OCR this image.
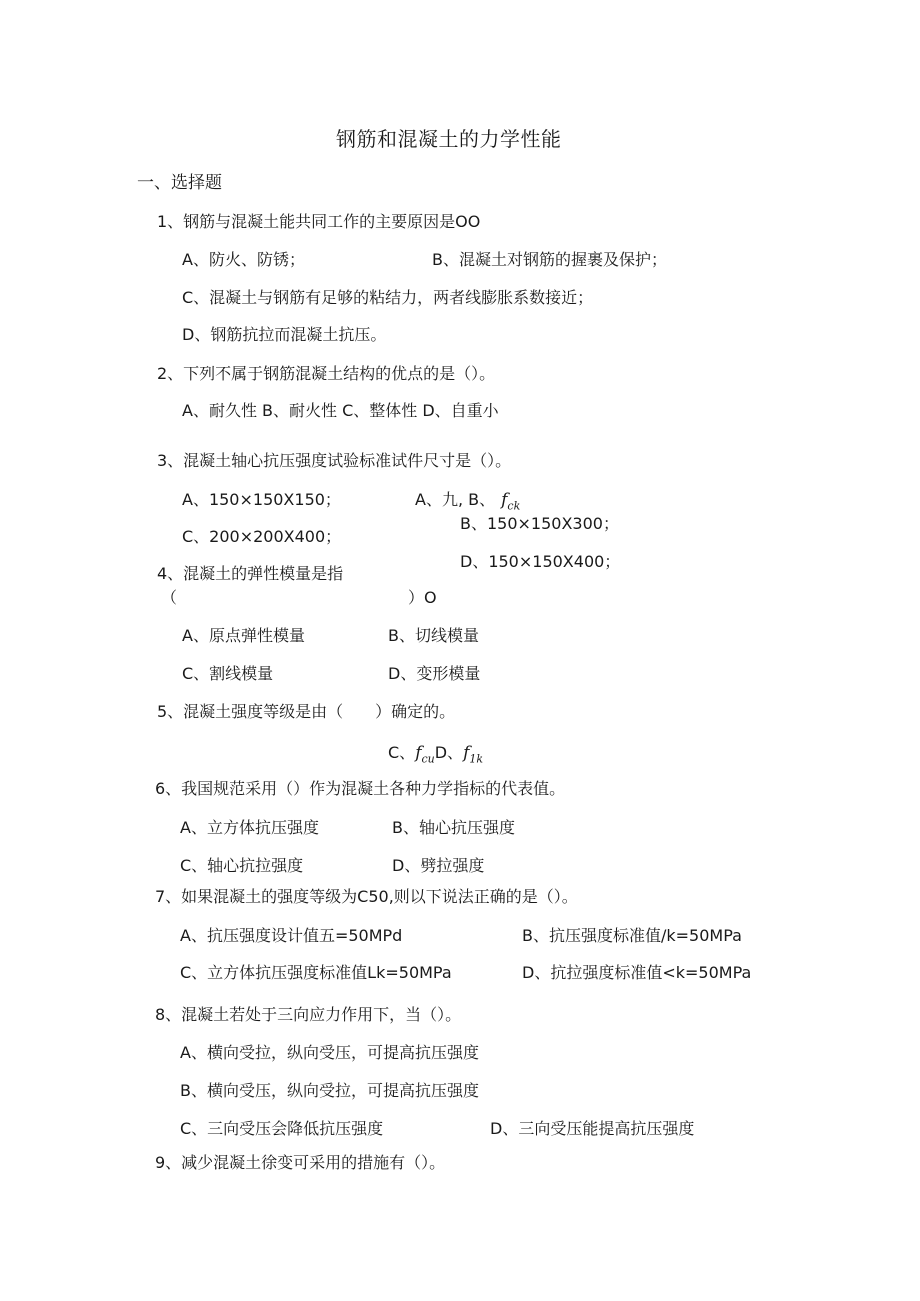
钢筋和混凝土的力学性能
一、选择题
1、钢筋与混凝土能共同工作的主要原因是OO
A、防火、防锈；	B、混凝土对钢筋的握裹及保护；
C、混凝土与钢筋有足够的粘结力，两者线膨胀系数接近；
D、钢筋抗拉而混凝土抗压。
2、下列不属于钢筋混凝土结构的优点的是（）。
A、耐久性 B、耐火性 C、整体性 D、自重小
3、混凝土轴心抗压强度试验标准试件尺寸是（）。
A、150×150X150；	A、九, B、 $f_{ck}$
B、150×150X300；
C、200×200X400；
D、150×150X400；
4、混凝土的弹性模量是指
（	）O
A、原点弹性模量	B、切线模量
C、割线模量	D、变形模量
5、混凝土强度等级是由（　　）确定的。
C、$f_{cu}D$、$f_{1k}$
6、我国规范采用（）作为混凝土各种力学指标的代表值。
A、立方体抗压强度	B、轴心抗压强度
C、轴心抗拉强度	D、劈拉强度
7、如果混凝土的强度等级为C50,则以下说法正确的是（）。
A、抗压强度设计值五=50MPd	B、抗压强度标准值/k=50MPa
C、立方体抗压强度标准值Lk=50MPa	D、抗拉强度标准值<k=50MPa
8、混凝土若处于三向应力作用下，当（）。
A、横向受拉，纵向受压，可提高抗压强度
B、横向受压，纵向受拉，可提高抗压强度
C、三向受压会降低抗压强度	D、三向受压能提高抗压强度
9、减少混凝土徐变可采用的措施有（）。
